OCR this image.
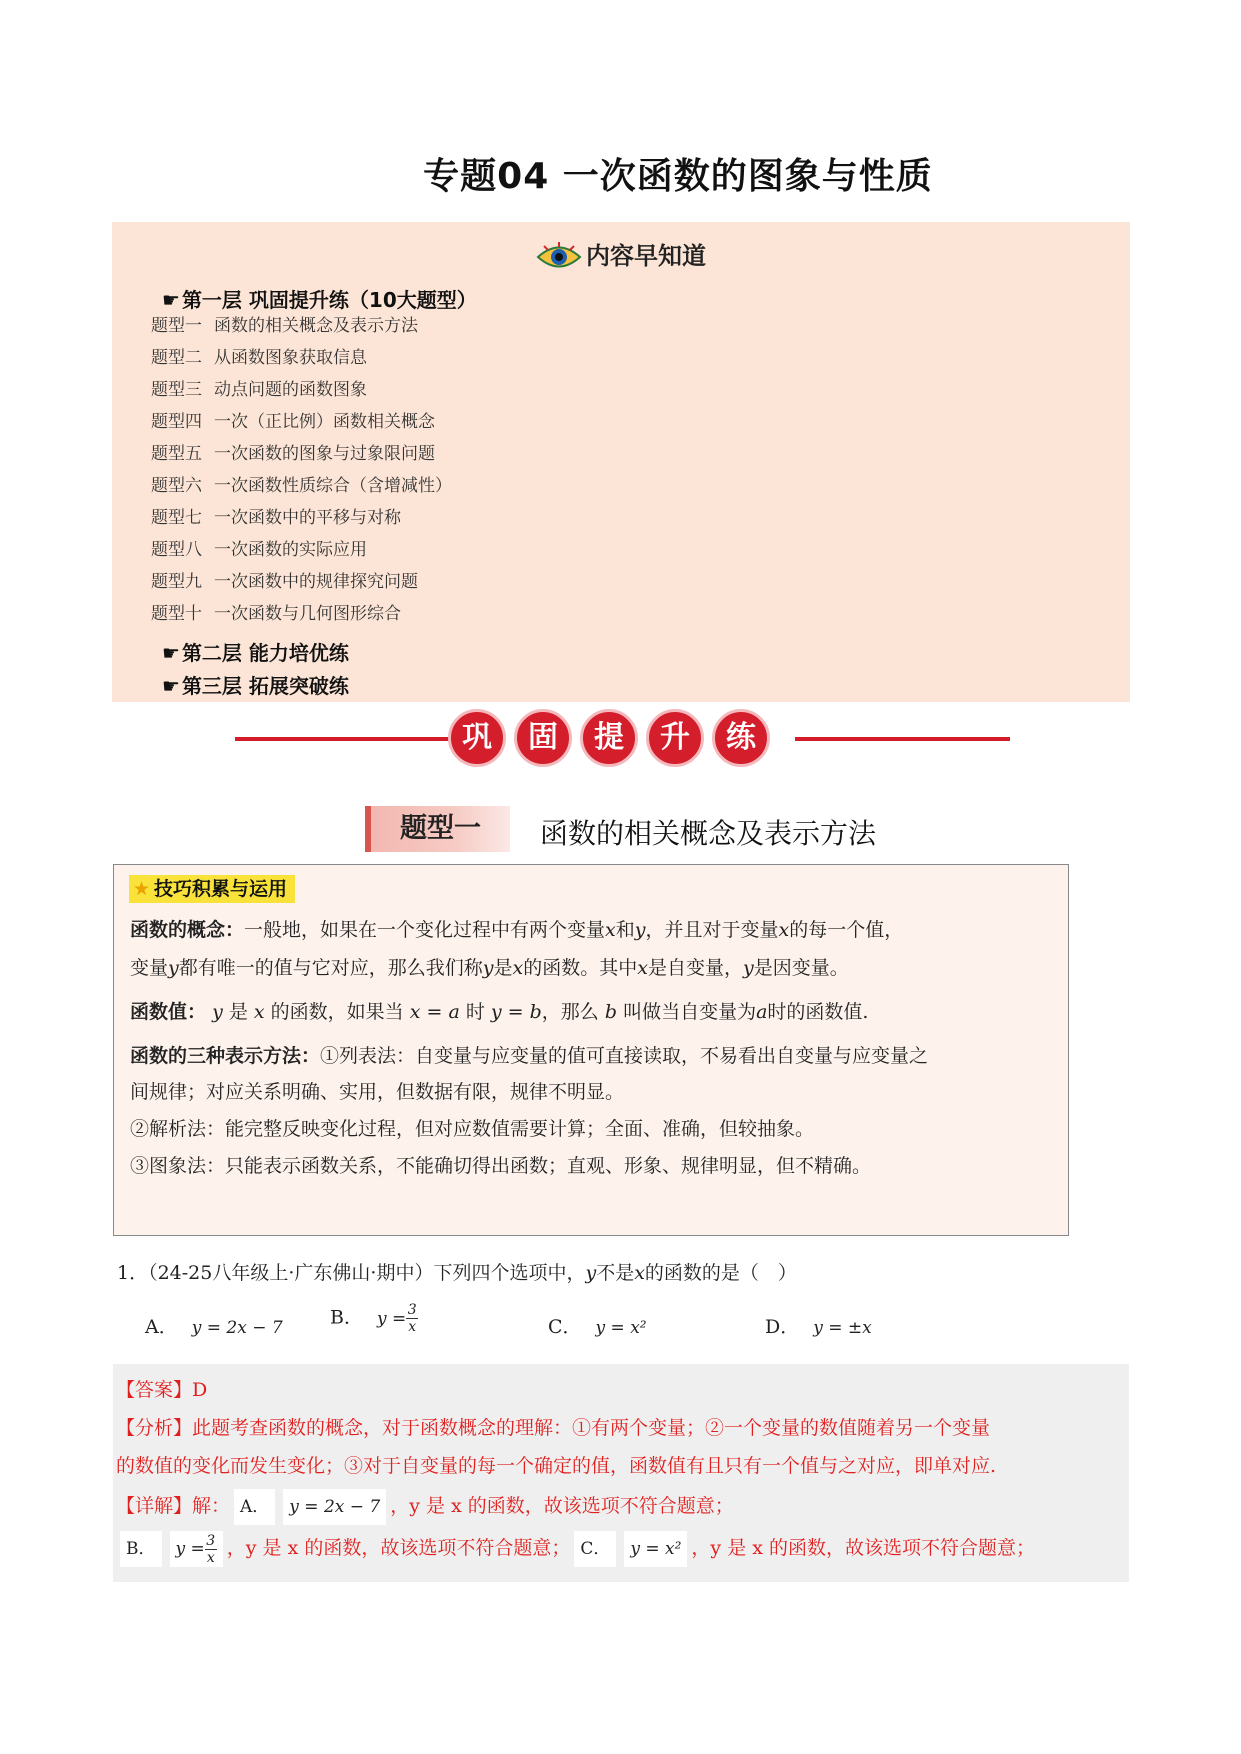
专题04 一次函数的图象与性质
内容早知道
☛ 第一层 巩固提升练（10大题型）
题型一 函数的相关概念及表示方法
题型二 从函数图象获取信息
题型三 动点问题的函数图象
题型四 一次（正比例）函数相关概念
题型五 一次函数的图象与过象限问题
题型六 一次函数性质综合（含增减性）
题型七 一次函数中的平移与对称
题型八 一次函数的实际应用
题型九 一次函数中的规律探究问题
题型十 一次函数与几何图形综合
☛ 第二层 能力培优练
☛ 第三层 拓展突破练
巩	固	提	升	练
题型一	函数的相关概念及表示方法
★ 技巧积累与运用
函数的概念：一般地，如果在一个变化过程中有两个变量x和y，并且对于变量x的每一个值，
变量y都有唯一的值与它对应，那么我们称y是x的函数。其中x是自变量，y是因变量。
函数值： y 是 x 的函数，如果当 x = a 时 y = b，那么 b 叫做当自变量为a时的函数值.
函数的三种表示方法：①列表法：自变量与应变量的值可直接读取，不易看出自变量与应变量之
间规律；对应关系明确、实用，但数据有限，规律不明显。
②解析法：能完整反映变化过程，但对应数值需要计算；全面、准确，但较抽象。
③图象法：只能表示函数关系，不能确切得出函数；直观、形象、规律明显，但不精确。
1．（24-25八年级上·广东佛山·期中）下列四个选项中，y不是x的函数的是（　）
A． y = 2x − 7 B． $y = \frac{3}{x}$	C． y = x²	D． y = ±x
【答案】D
【分析】此题考查函数的概念，对于函数概念的理解：①有两个变量；②一个变量的数值随着另一个变量
的数值的变化而发生变化；③对于自变量的每一个确定的值，函数值有且只有一个值与之对应，即单对应.
【详解】解： A． y = 2x − 7 ，y 是 x 的函数，故该选项不符合题意；
B． $y = \frac{3}{x}$ ，y 是 x 的函数，故该选项不符合题意； C． y = x² ，y 是 x 的函数，故该选项不符合题意；
